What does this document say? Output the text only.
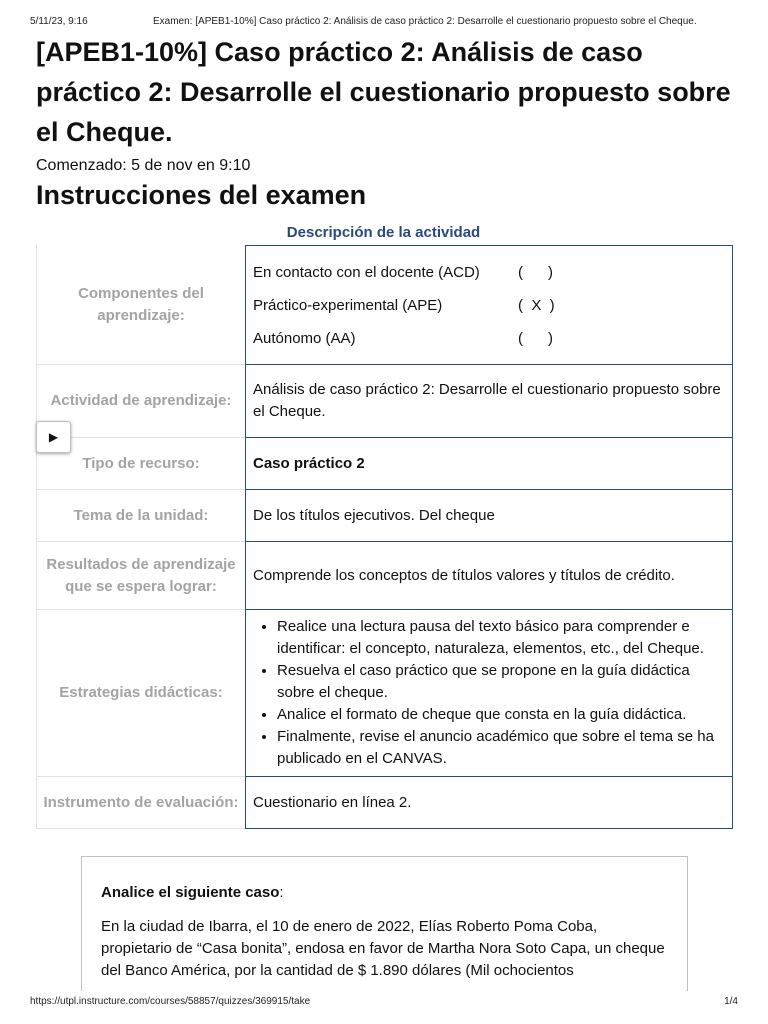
5/11/23, 9:16	Examen: [APEB1-10%] Caso práctico 2: Análisis de caso práctico 2: Desarrolle el cuestionario propuesto sobre el Cheque.
[APEB1-10%] Caso práctico 2: Análisis de caso práctico 2: Desarrolle el cuestionario propuesto sobre el Cheque.
Comenzado: 5 de nov en 9:10
Instrucciones del examen
Descripción de la actividad
Componentes del aprendizaje:
En contacto con el docente (ACD)	(      )
Práctico-experimental (APE)	(  X  )
Autónomo (AA)	(      )
Actividad de aprendizaje:
Análisis de caso práctico 2: Desarrolle el cuestionario propuesto sobre el Cheque.
Tipo de recurso:	Caso práctico 2
Tema de la unidad:	De los títulos ejecutivos. Del cheque
Resultados de aprendizaje que se espera lograr:
Comprende los conceptos de títulos valores y títulos de crédito.
Estrategias didácticas:
• Realice una lectura pausa del texto básico para comprender e identificar: el concepto, naturaleza, elementos, etc., del Cheque.
• Resuelva el caso práctico que se propone en la guía didáctica sobre el cheque.
• Analice el formato de cheque que consta en la guía didáctica.
• Finalmente, revise el anuncio académico que sobre el tema se ha publicado en el CANVAS.
Instrumento de evaluación: Cuestionario en línea 2.
▶
Analice el siguiente caso:
En la ciudad de Ibarra, el 10 de enero de 2022, Elías Roberto Poma Coba, propietario de “Casa bonita”, endosa en favor de Martha Nora Soto Capa, un cheque del Banco América, por la cantidad de $ 1.890 dólares (Mil ochocientos
https://utpl.instructure.com/courses/58857/quizzes/369915/take	1/4
